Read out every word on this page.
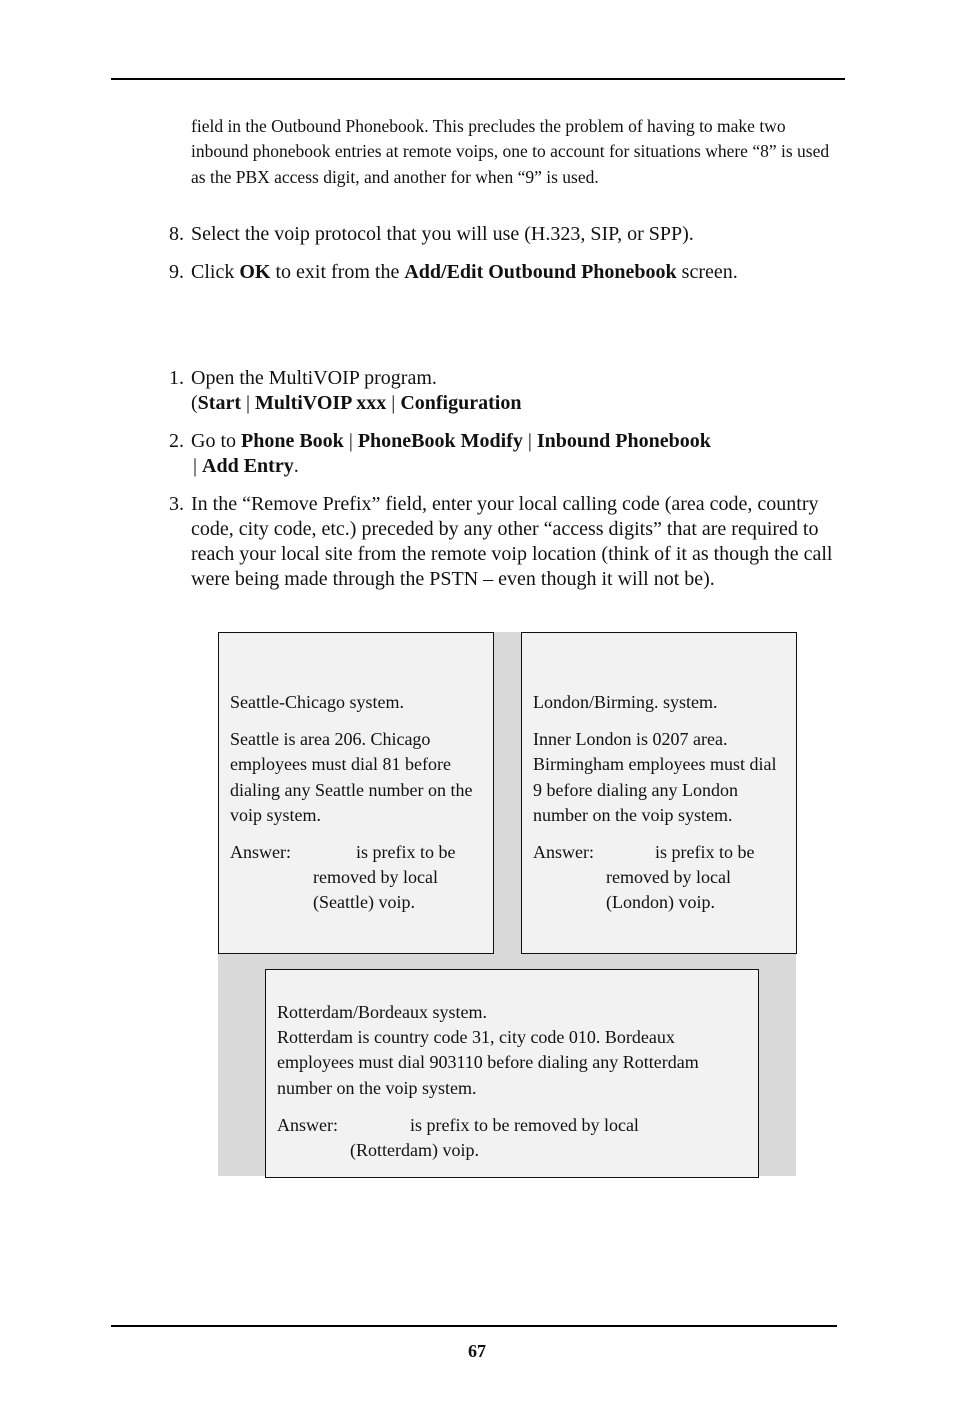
field in the Outbound Phonebook. This precludes the problem of having to make two inbound phonebook entries at remote voips, one to account for situations where “8” is used as the PBX access digit, and another for when “9” is used.
8. Select the voip protocol that you will use (H.323, SIP, or SPP).
9. Click OK to exit from the Add/Edit Outbound Phonebook screen.
1. Open the MultiVOIP program.
(Start | MultiVOIP xxx | Configuration
2. Go to Phone Book | PhoneBook Modify | Inbound Phonebook
| Add Entry.
3. In the “Remove Prefix” field, enter your local calling code (area code, country code, city code, etc.) preceded by any other “access digits” that are required to reach your local site from the remote voip location (think of it as though the call were being made through the PSTN – even though it will not be).

Seattle-Chicago system.

Seattle is area 206. Chicago employees must dial 81 before dialing any Seattle number on the voip system.

Answer:	is prefix to be removed by local (Seattle) voip.

London/Birming. system.

Inner London is 0207 area. Birmingham employees must dial 9 before dialing any London number on the voip system.

Answer:	is prefix to be removed by local (London) voip.

Rotterdam/Bordeaux system.

Rotterdam is country code 31, city code 010. Bordeaux employees must dial 903110 before dialing any Rotterdam number on the voip system.

Answer:	is prefix to be removed by local (Rotterdam) voip.
67
